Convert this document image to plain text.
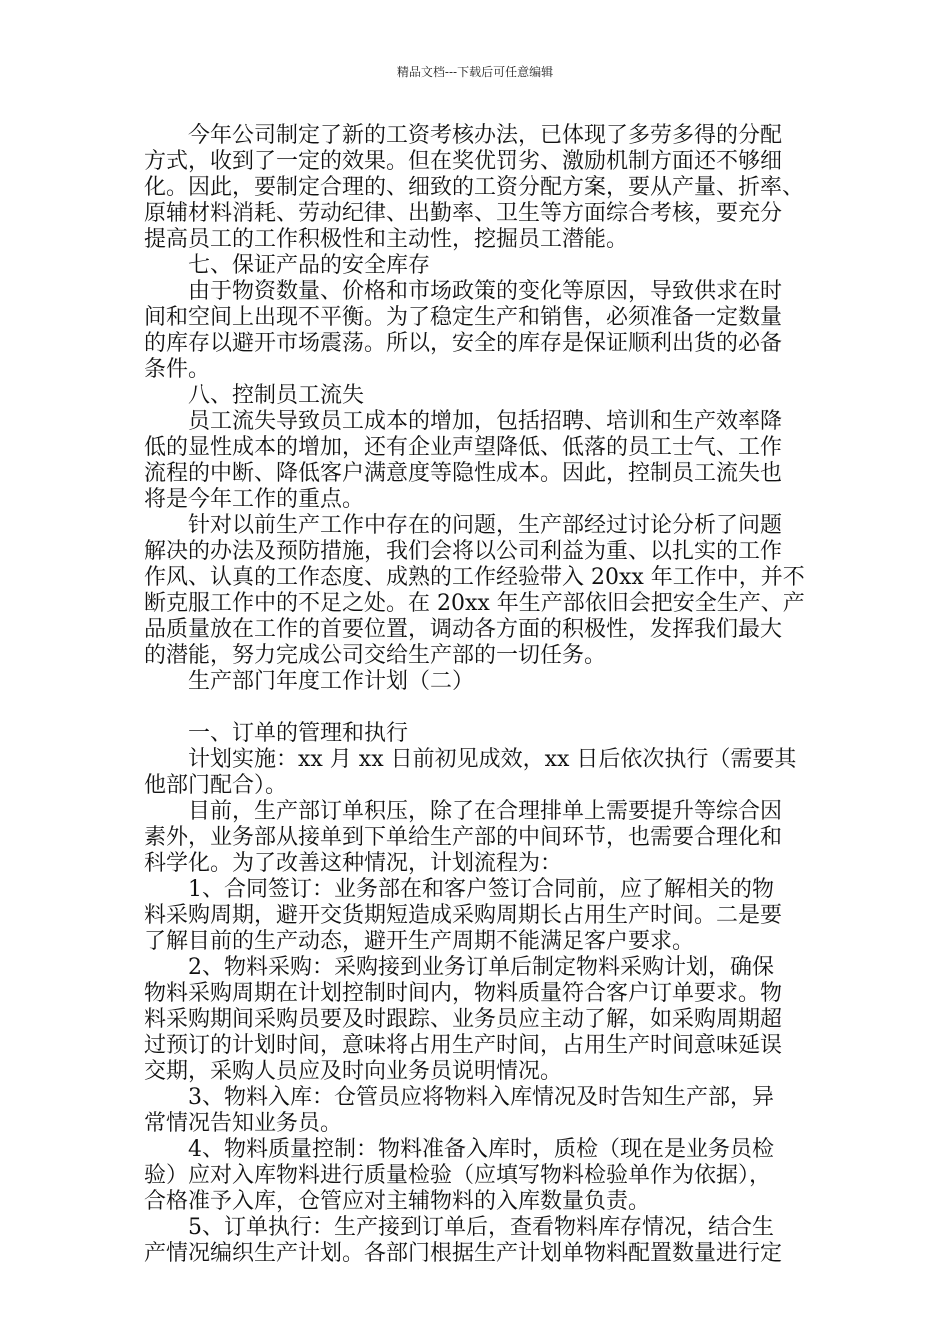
精品文档---下载后可任意编辑

今年公司制定了新的工资考核办法，已体现了多劳多得的分配
方式，收到了一定的效果。但在奖优罚劣、激励机制方面还不够细
化。因此，要制定合理的、细致的工资分配方案，要从产量、折率、
原辅材料消耗、劳动纪律、出勤率、卫生等方面综合考核，要充分
提高员工的工作积极性和主动性，挖掘员工潜能。

七、保证产品的安全库存

由于物资数量、价格和市场政策的变化等原因，导致供求在时
间和空间上出现不平衡。为了稳定生产和销售，必须准备一定数量
的库存以避开市场震荡。所以，安全的库存是保证顺利出货的必备
条件。

八、控制员工流失

员工流失导致员工成本的增加，包括招聘、培训和生产效率降
低的显性成本的增加，还有企业声望降低、低落的员工士气、工作
流程的中断、降低客户满意度等隐性成本。因此，控制员工流失也
将是今年工作的重点。

针对以前生产工作中存在的问题，生产部经过讨论分析了问题
解决的办法及预防措施，我们会将以公司利益为重、以扎实的工作
作风、认真的工作态度、成熟的工作经验带入 20xx 年工作中，并不
断克服工作中的不足之处。在 20xx 年生产部依旧会把安全生产、产
品质量放在工作的首要位置，调动各方面的积极性，发挥我们最大
的潜能，努力完成公司交给生产部的一切任务。

生产部门年度工作计划（二）

一、订单的管理和执行

计划实施：xx 月 xx 日前初见成效，xx 日后依次执行（需要其
他部门配合）。

目前，生产部订单积压，除了在合理排单上需要提升等综合因
素外，业务部从接单到下单给生产部的中间环节，也需要合理化和
科学化。为了改善这种情况，计划流程为：

1、合同签订：业务部在和客户签订合同前，应了解相关的物
料采购周期，避开交货期短造成采购周期长占用生产时间。二是要
了解目前的生产动态，避开生产周期不能满足客户要求。

2、物料采购：采购接到业务订单后制定物料采购计划，确保
物料采购周期在计划控制时间内，物料质量符合客户订单要求。物
料采购期间采购员要及时跟踪、业务员应主动了解，如采购周期超
过预订的计划时间，意味将占用生产时间，占用生产时间意味延误
交期，采购人员应及时向业务员说明情况。

3、物料入库：仓管员应将物料入库情况及时告知生产部，异
常情况告知业务员。

4、物料质量控制：物料准备入库时，质检（现在是业务员检
验）应对入库物料进行质量检验（应填写物料检验单作为依据），
合格准予入库，仓管应对主辅物料的入库数量负责。

5、订单执行：生产接到订单后，查看物料库存情况，结合生
产情况编织生产计划。各部门根据生产计划单物料配置数量进行定
